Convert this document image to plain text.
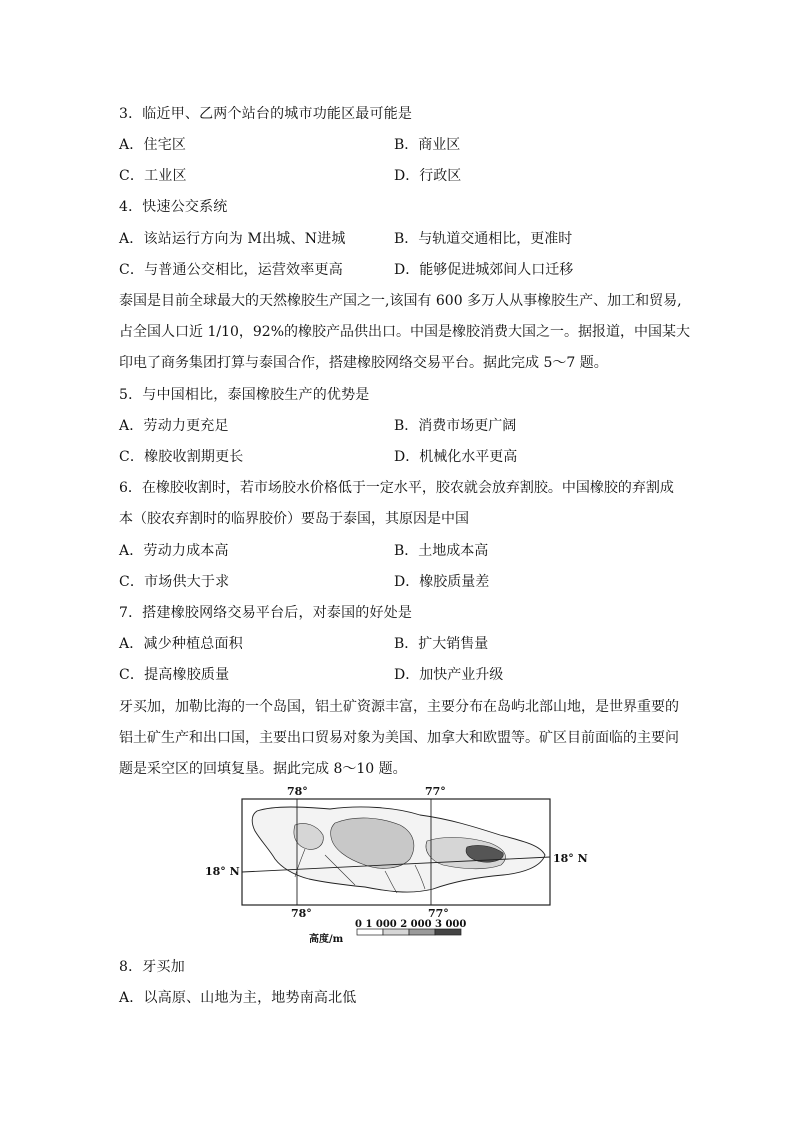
3．临近甲、乙两个站台的城市功能区最可能是
A．住宅区	B．商业区
C．工业区	D．行政区
4．快速公交系统
A．该站运行方向为 M出城、N进城	B．与轨道交通相比，更准时
C．与普通公交相比，运营效率更高	D．能够促进城郊间人口迁移
泰国是目前全球最大的天然橡胶生产国之一,该国有 600 多万人从事橡胶生产、加工和贸易,
占全国人口近 1/10，92%的橡胶产品供出口。中国是橡胶消费大国之一。据报道，中国某大
印电了商务集团打算与泰国合作，搭建橡胶网络交易平台。据此完成 5～7 题。
5．与中国相比，泰国橡胶生产的优势是
A．劳动力更充足	B．消费市场更广阔
C．橡胶收割期更长	D．机械化水平更高
6．在橡胶收割时，若市场胶水价格低于一定水平，胶农就会放弃割胶。中国橡胶的弃割成
本（胶农弃割时的临界胶价）要岛于泰国，其原因是中国
A．劳动力成本高	B．土地成本高
C．市场供大于求	D．橡胶质量差
7．搭建橡胶网络交易平台后，对泰国的好处是
A．减少种植总面积	B．扩大销售量
C．提高橡胶质量	D．加快产业升级
牙买加，加勒比海的一个岛国，铝土矿资源丰富，主要分布在岛屿北部山地，是世界重要的
铝土矿生产和出口国，主要出口贸易对象为美国、加拿大和欧盟等。矿区目前面临的主要问
题是采空区的回填复垦。据此完成 8～10 题。
78°	77°
18° N
18° N
78°	77°
高度/m
0 1 000 2 000 3 000
8．牙买加
A．以高原、山地为主，地势南高北低
